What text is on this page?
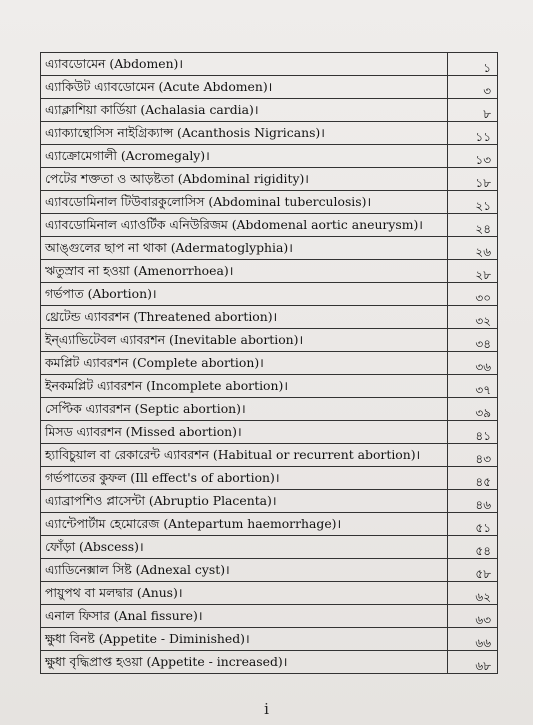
এ্যাবডোমেন (Abdomen)।	১
এ্যাকিউট এ্যাবডোমেন (Acute Abdomen)।	৩
এ্যাক্লাশিয়া কার্ডিয়া (Achalasia cardia)।	৮
এ্যাক্যান্থোসিস নাইগ্রিক্যান্স (Acanthosis Nigricans)।	১১
এ্যাক্রোমেগালী (Acromegaly)।	১৩
পেটের শক্ততা ও আড়ষ্টতা (Abdominal rigidity)।	১৮
এ্যাবডোমিনাল টিউবারকুলোসিস (Abdominal tuberculosis)।	২১
এ্যাবডোমিনাল এ্যাওর্টিক এনিউরিজম (Abdomenal aortic aneurysm)।	২৪
আঙ্গুলের ছাপ না থাকা (Adermatoglyphia)।	২৬
ঋতুস্রাব না হওয়া (Amenorrhoea)।	২৮
গর্ভপাত (Abortion)।	৩০
থ্রেটেন্ড এ্যাবরশন (Threatened abortion)।	৩২
ইন্এ্যাভিটেবল এ্যাবরশন (Inevitable abortion)।	৩৪
কমপ্লিট এ্যাবরশন (Complete abortion)।	৩৬
ইনকমপ্লিট এ্যাবরশন (Incomplete abortion)।	৩৭
সেপ্টিক এ্যাবরশন (Septic abortion)।	৩৯
মিসড এ্যাবরশন (Missed abortion)।	৪১
হ্যাবিচুয়াল বা রেকারেন্ট এ্যাবরশন (Habitual or recurrent abortion)।	৪৩
গর্ভপাতের কুফল (Ill effect's of abortion)।	৪৫
এ্যাব্রাপশিও প্লাসেন্টা (Abruptio Placenta)।	৪৬
এ্যান্টেপার্টাম হেমোরেজ (Antepartum haemorrhage)।	৫১
ফোঁড়া (Abscess)।	৫৪
এ্যাডিনেক্সাল সিষ্ট (Adnexal cyst)।	৫৮
পায়ুপথ বা মলদ্বার (Anus)।	৬২
এনাল ফিসার (Anal fissure)।	৬৩
ক্ষুধা বিনষ্ট (Appetite - Diminished)।	৬৬
ক্ষুধা বৃদ্ধিপ্রাপ্ত হওয়া (Appetite - increased)।	৬৮
i
